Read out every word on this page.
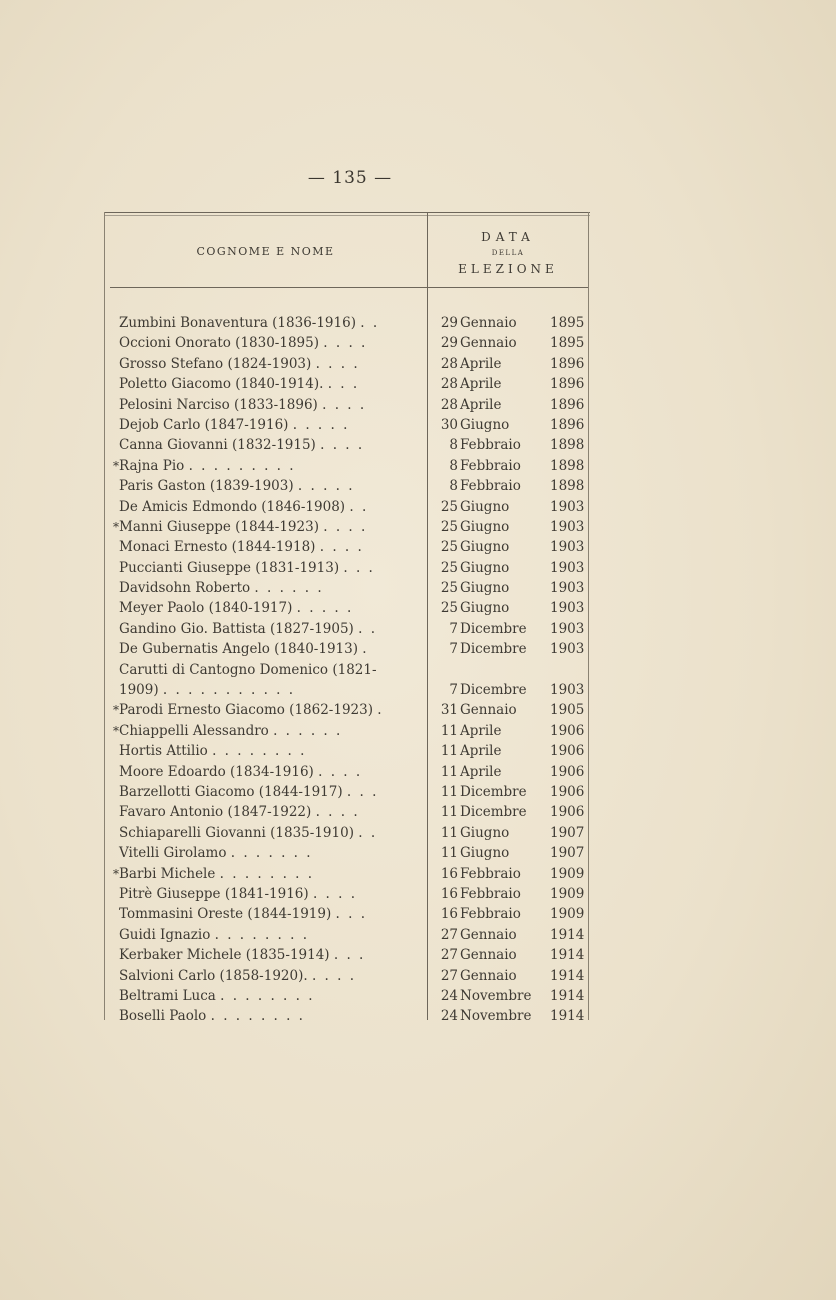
— 135 —
COGNOME E NOME
DATA
DELLA
ELEZIONE
Zumbini Bonaventura (1836-1916) . .	29 Gennaio	1895
Occioni Onorato (1830-1895) . . . .	29 Gennaio	1895
Grosso Stefano (1824-1903) . . . .	28 Aprile	1896
Poletto Giacomo (1840-1914). . . .	28 Aprile	1896
Pelosini Narciso (1833-1896) . . . .	28 Aprile	1896
Dejob Carlo (1847-1916) . . . . .	30 Giugno	1896
Canna Giovanni (1832-1915) . . . .	8 Febbraio	1898
*Rajna Pio . . . . . . . . .	8 Febbraio	1898
Paris Gaston (1839-1903) . . . . .	8 Febbraio	1898
De Amicis Edmondo (1846-1908) . .	25 Giugno	1903
*Manni Giuseppe (1844-1923) . . . .	25 Giugno	1903
Monaci Ernesto (1844-1918) . . . .	25 Giugno	1903
Puccianti Giuseppe (1831-1913) . . .	25 Giugno	1903
Davidsohn Roberto . . . . . .	25 Giugno	1903
Meyer Paolo (1840-1917) . . . . .	25 Giugno	1903
Gandino Gio. Battista (1827-1905) . .	7 Dicembre	1903
De Gubernatis Angelo (1840-1913) .	7 Dicembre	1903
Carutti di Cantogno Domenico (1821-
1909) . . . . . . . . . . .	7 Dicembre	1903
*Parodi Ernesto Giacomo (1862-1923) .	31 Gennaio	1905
*Chiappelli Alessandro . . . . . .	11 Aprile	1906
Hortis Attilio . . . . . . . .	11 Aprile	1906
Moore Edoardo (1834-1916) . . . .	11 Aprile	1906
Barzellotti Giacomo (1844-1917) . . .	11 Dicembre	1906
Favaro Antonio (1847-1922) . . . .	11 Dicembre	1906
Schiaparelli Giovanni (1835-1910) . .	11 Giugno	1907
Vitelli Girolamo . . . . . . .	11 Giugno	1907
*Barbi Michele . . . . . . . .	16 Febbraio	1909
Pitrè Giuseppe (1841-1916) . . . .	16 Febbraio	1909
Tommasini Oreste (1844-1919) . . .	16 Febbraio	1909
Guidi Ignazio . . . . . . . .	27 Gennaio	1914
Kerbaker Michele (1835-1914) . . .	27 Gennaio	1914
Salvioni Carlo (1858-1920). . . . .	27 Gennaio	1914
Beltrami Luca . . . . . . . .	24 Novembre	1914
Boselli Paolo . . . . . . . .	24 Novembre	1914
